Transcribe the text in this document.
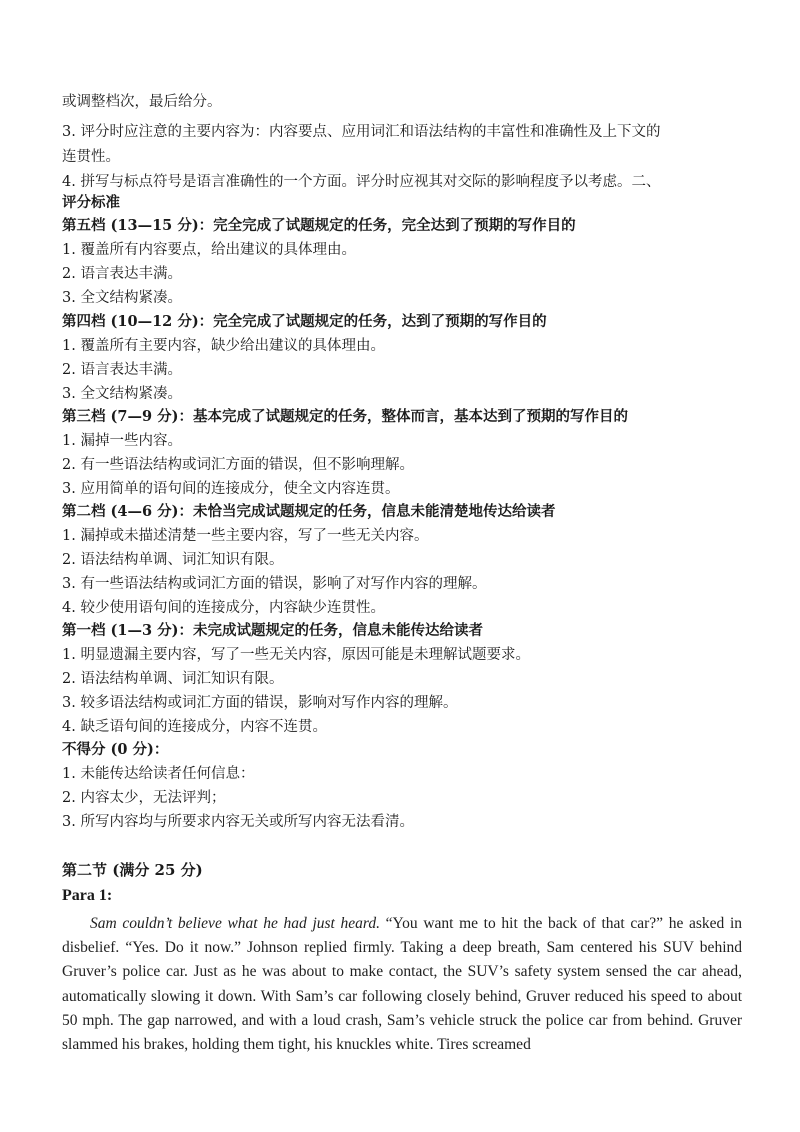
或调整档次，最后给分。
3. 评分时应注意的主要内容为：内容要点、应用词汇和语法结构的丰富性和准确性及上下文的
连贯性。
4. 拼写与标点符号是语言准确性的一个方面。评分时应视其对交际的影响程度予以考虑。二、
评分标准
第五档 (13—15 分)：完全完成了试题规定的任务，完全达到了预期的写作目的
1. 覆盖所有内容要点，给出建议的具体理由。
2. 语言表达丰满。
3. 全文结构紧凑。
第四档 (10—12 分)：完全完成了试题规定的任务，达到了预期的写作目的
1. 覆盖所有主要内容，缺少给出建议的具体理由。
2. 语言表达丰满。
3. 全文结构紧凑。
第三档 (7—9 分)：基本完成了试题规定的任务，整体而言，基本达到了预期的写作目的
1. 漏掉一些内容。
2. 有一些语法结构或词汇方面的错误，但不影响理解。
3. 应用简单的语句间的连接成分，使全文内容连贯。
第二档 (4—6 分)：未恰当完成试题规定的任务，信息未能清楚地传达给读者
1. 漏掉或未描述清楚一些主要内容，写了一些无关内容。
2. 语法结构单调、词汇知识有限。
3. 有一些语法结构或词汇方面的错误，影响了对写作内容的理解。
4. 较少使用语句间的连接成分，内容缺少连贯性。
第一档 (1—3 分)：未完成试题规定的任务，信息未能传达给读者
1. 明显遗漏主要内容，写了一些无关内容，原因可能是未理解试题要求。
2. 语法结构单调、词汇知识有限。
3. 较多语法结构或词汇方面的错误，影响对写作内容的理解。
4. 缺乏语句间的连接成分，内容不连贯。
不得分 (0 分)：
1. 未能传达给读者任何信息：
2. 内容太少，无法评判；
3. 所写内容均与所要求内容无关或所写内容无法看清。
第二节 (满分 25 分)
Para 1:
Sam couldn’t believe what he had just heard. “You want me to hit the back of that car?” he asked in disbelief. “Yes. Do it now.” Johnson replied firmly. Taking a deep breath, Sam centered his SUV behind Gruver’s police car. Just as he was about to make contact, the SUV’s safety system sensed the car ahead, automatically slowing it down. With Sam’s car following closely behind, Gruver reduced his speed to about 50 mph. The gap narrowed, and with a loud crash, Sam’s vehicle struck the police car from behind. Gruver slammed his brakes, holding them tight, his knuckles white. Tires screamed
